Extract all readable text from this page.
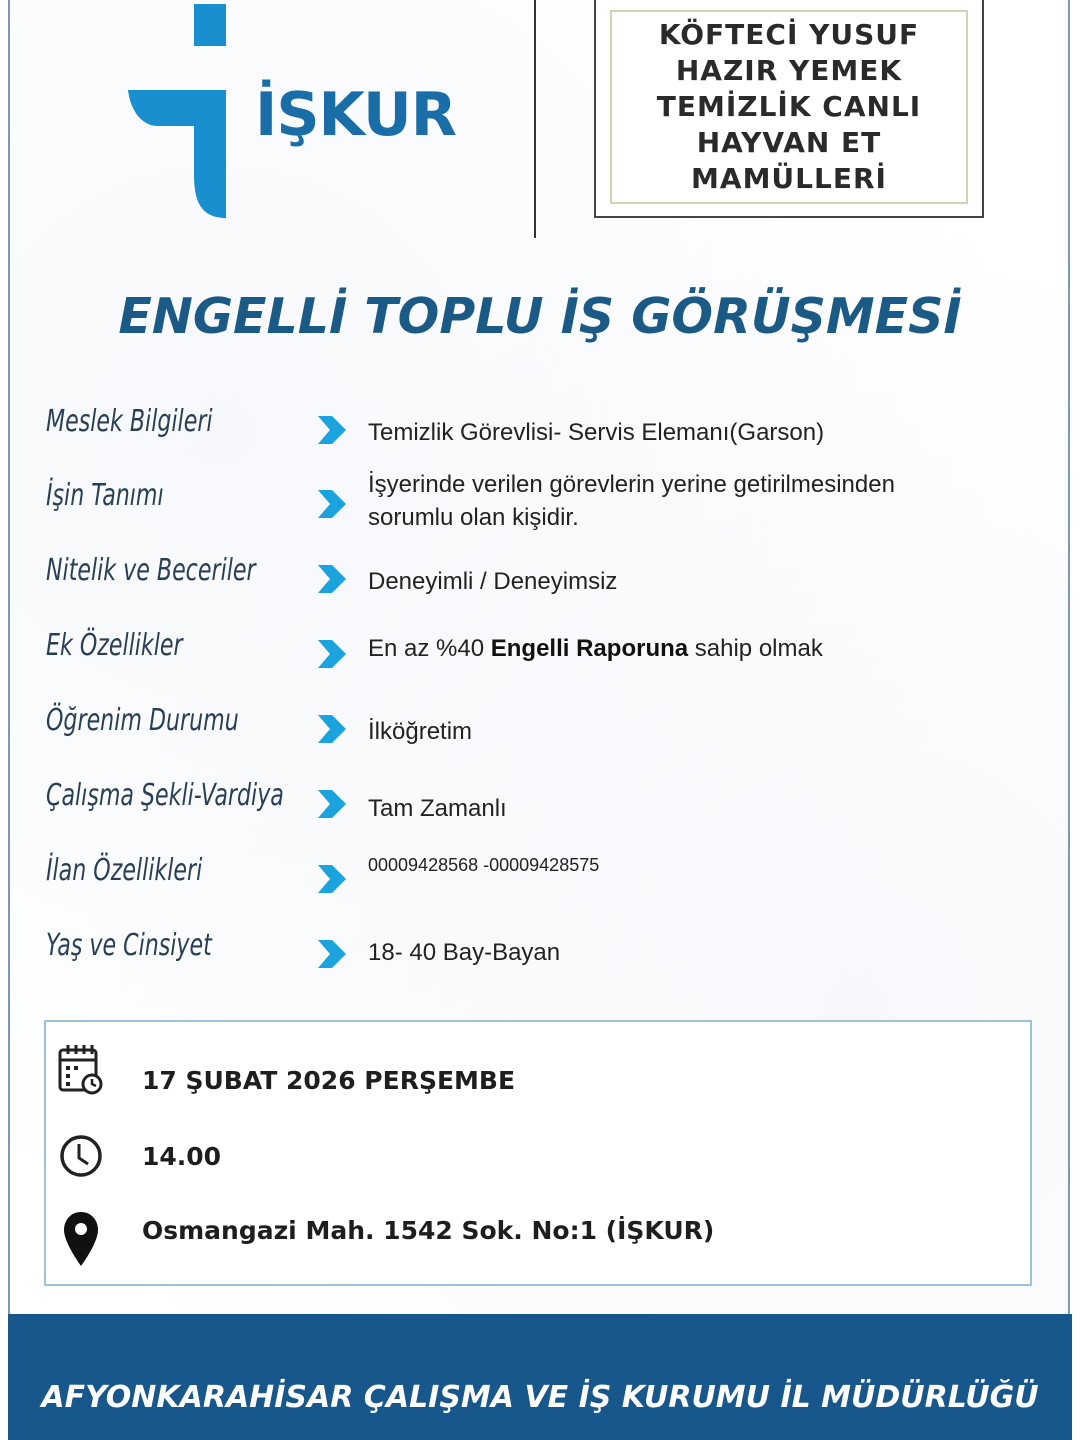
İŞKUR
KÖFTECİ YUSUF
HAZIR YEMEK
TEMİZLİK CANLI
HAYVAN ET
MAMÜLLERİ
ENGELLİ TOPLU İŞ GÖRÜŞMESİ
Meslek Bilgileri	Temizlik Görevlisi- Servis Elemanı(Garson)
İşin Tanımı	İşyerinde verilen görevlerin yerine getirilmesinden sorumlu olan kişidir.
Nitelik ve Beceriler	Deneyimli / Deneyimsiz
Ek Özellikler	En az %40 Engelli Raporuna sahip olmak
Öğrenim Durumu	İlköğretim
Çalışma Şekli-Vardiya	Tam Zamanlı
İlan Özellikleri	00009428568 -00009428575
Yaş ve Cinsiyet	18- 40 Bay-Bayan
17 ŞUBAT 2026 PERŞEMBE
14.00
Osmangazi Mah. 1542 Sok. No:1 (İŞKUR)
AFYONKARAHİSAR ÇALIŞMA VE İŞ KURUMU İL MÜDÜRLÜĞÜ
